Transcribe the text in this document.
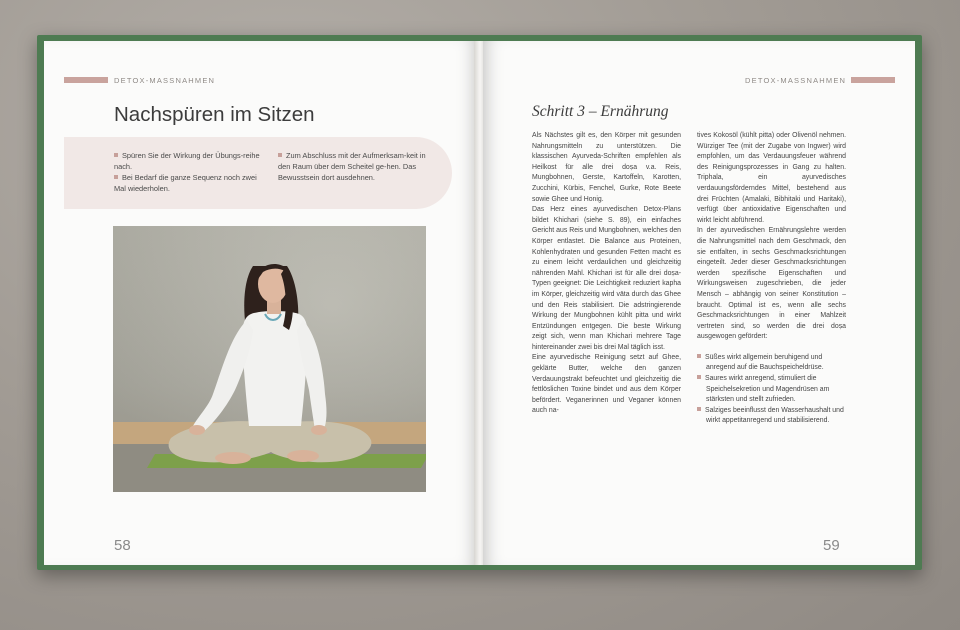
DETOX-MASSNAHMEN
Nachspüren im Sitzen

Spüren Sie der Wirkung der Übungs-reihe nach.

Bei Bedarf die ganze Sequenz noch zwei Mal wiederholen.

Zum Abschluss mit der Aufmerksam-keit in den Raum über dem Scheitel ge-hen. Das Bewusstsein dort ausdehnen.

58
DETOX-MASSNAHMEN
Schritt 3 – Ernährung

Als Nächstes gilt es, den Körper mit gesunden Nahrungsmitteln zu unterstützen. Die klassischen Ayurveda-Schriften empfehlen als Heilkost für alle drei doṣa v.a. Reis, Mungbohnen, Gerste, Kartoffeln, Karotten, Zucchini, Kürbis, Fenchel, Gurke, Rote Beete sowie Ghee und Honig.

Das Herz eines ayurvedischen Detox-Plans bildet Khichari (siehe S. 89), ein einfaches Gericht aus Reis und Mungbohnen, welches den Körper entlastet. Die Balance aus Proteinen, Kohlenhydraten und gesunden Fetten macht es zu einem leicht verdaulichen und gleichzeitig nährenden Mahl. Khichari ist für alle drei doṣa-Typen geeignet: Die Leichtigkeit reduziert kapha im Körper, gleichzeitig wird vāta durch das Ghee und den Reis stabilisiert. Die adstringierende Wirkung der Mungbohnen kühlt pitta und wirkt Entzündungen entgegen. Die beste Wirkung zeigt sich, wenn man Khichari mehrere Tage hintereinander zwei bis drei Mal täglich isst.

Eine ayurvedische Reinigung setzt auf Ghee, geklärte Butter, welche den ganzen Verdauungstrakt befeuchtet und gleichzeitig die fettlöslichen Toxine bindet und aus dem Körper befördert. Veganerinnen und Veganer können auch na-

tives Kokosöl (kühlt pitta) oder Olivenöl nehmen. Würziger Tee (mit der Zugabe von Ingwer) wird empfohlen, um das Verdauungsfeuer während des Reinigungsprozesses in Gang zu halten. Triphala, ein ayurvedisches verdauungsförderndes Mittel, bestehend aus drei Früchten (Amalaki, Bibhitaki und Haritaki), verfügt über antioxidative Eigenschaften und wirkt leicht abführend.

In der ayurvedischen Ernährungslehre werden die Nahrungsmittel nach dem Geschmack, den sie entfalten, in sechs Geschmacksrichtungen eingeteilt. Jeder dieser Geschmacksrichtungen werden spezifische Eigenschaften und Wirkungsweisen zugeschrieben, die jeder Mensch – abhängig von seiner Konstitution – braucht. Optimal ist es, wenn alle sechs Geschmacksrichtungen in einer Mahlzeit vertreten sind, so werden die drei doṣa ausgewogen gefördert:

Süßes wirkt allgemein beruhigend und anregend auf die Bauchspeicheldrüse.

Saures wirkt anregend, stimuliert die Speichelsekretion und Magendrüsen am stärksten und stellt zufrieden.

Salziges beeinflusst den Wasserhaushalt und wirkt appetitanregend und stabilisierend.

59
